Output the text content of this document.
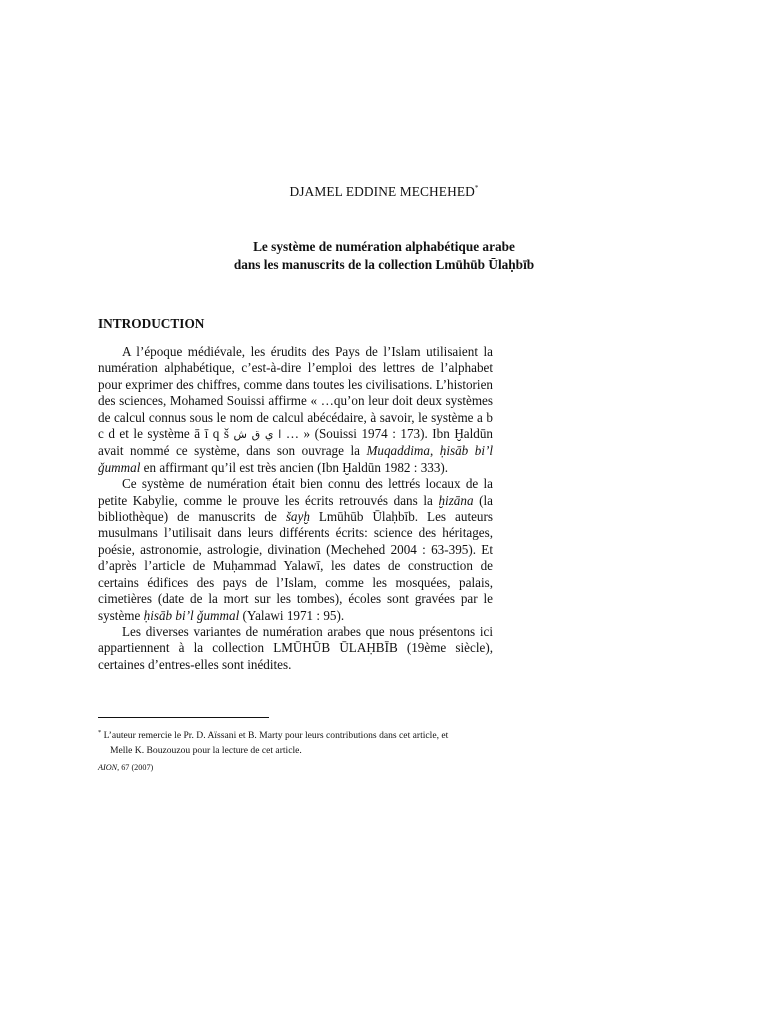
DJAMEL EDDINE MECHEHED*
Le système de numération alphabétique arabe
dans les manuscrits de la collection Lmūhūb Ūlaḥbīb
INTRODUCTION

A l’époque médiévale, les érudits des Pays de l’Islam utilisaient la numération alphabétique, c’est-à-dire l’emploi des lettres de l’alphabet pour exprimer des chiffres, comme dans toutes les civilisations. L’historien des sciences, Mohamed Souissi affirme « …qu’on leur doit deux systèmes de calcul connus sous le nom de calcul abécédaire, à savoir, le système a b c d et le système ā ī q š ا ي ق ش … » (Souissi 1974 : 173). Ibn Ḫaldūn avait nommé ce système, dans son ouvrage la Muqaddima, ḥisāb bi’l ǧummal en affirmant qu’il est très ancien (Ibn Ḫaldūn 1982 : 333).

Ce système de numération était bien connu des lettrés locaux de la petite Kabylie, comme le prouve les écrits retrouvés dans la ḫizāna (la bibliothèque) de manuscrits de šayḫ Lmūhūb Ūlaḥbīb. Les auteurs musulmans l’utilisait dans leurs différents écrits: science des héritages, poésie, astronomie, astrologie, divination (Mechehed 2004 : 63-395). Et d’après l’article de Muḥammad Yalawī, les dates de construction de certains édifices des pays de l’Islam, comme les mosquées, palais, cimetières (date de la mort sur les tombes), écoles sont gravées par le système ḥisāb bi’l ǧummal (Yalawi 1971 : 95).

Les diverses variantes de numération arabes que nous présentons ici appartiennent à la collection LMŪHŪB ŪLAḤBĪB (19ème siècle), certaines d’entres-elles sont inédites.

* L’auteur remercie le Pr. D. Aïssani et B. Marty pour leurs contributions dans cet article, et
Melle K. Bouzouzou pour la lecture de cet article.
AION, 67 (2007)
